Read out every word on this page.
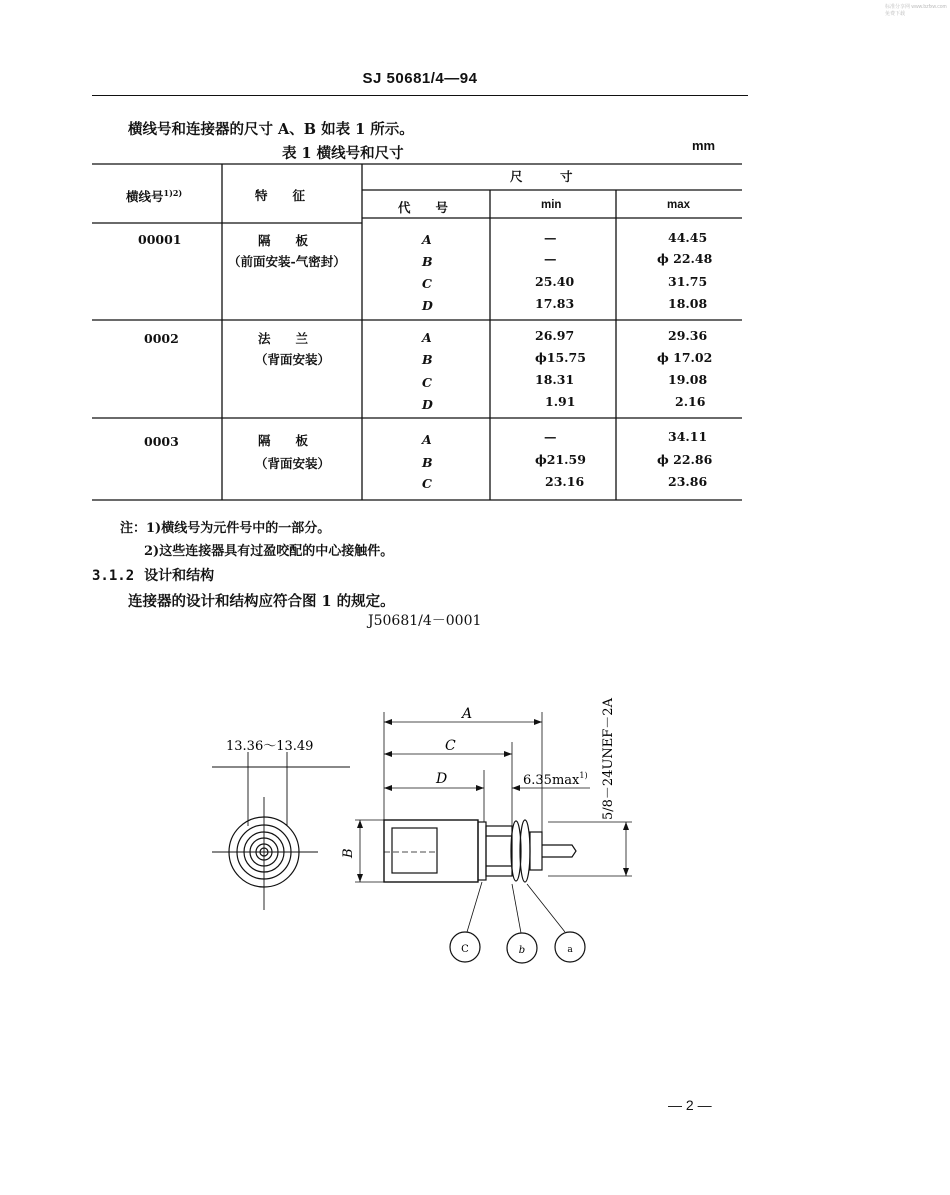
标准分享网 www.bzfxw.com 免费下载
SJ 50681/4—94
横线号和连接器的尺寸 A、B 如表 1 所示。
表 1 横线号和尺寸	mm
横线号$^{1)2)}$	特　　征
尺　　　寸
代　　号	min	max
00001	隔　　板
（前面安装-气密封）
A	—	44.45
B	—	ϕ 22.48
C	25.40	31.75
D	17.83	18.08
0002	法　　兰
（背面安装）
A	26.97	29.36
B	ϕ15.75	ϕ 17.02
C	18.31	19.08
D	1.91	2.16
0003	隔　　板
（背面安装）
A	—	34.11
B	ϕ21.59	ϕ 22.86
C	23.16	23.86
注：1)横线号为元件号中的一部分。
2)这些连接器具有过盈咬配的中心接触件。
3.1.2 设计和结构
连接器的设计和结构应符合图 1 的规定。
J50681/4－0001
13.36～13.49
A
C
D	$6.35\max^{1)}$
B
5/8－24UNEF－2A
C	b	a
— 2 —
